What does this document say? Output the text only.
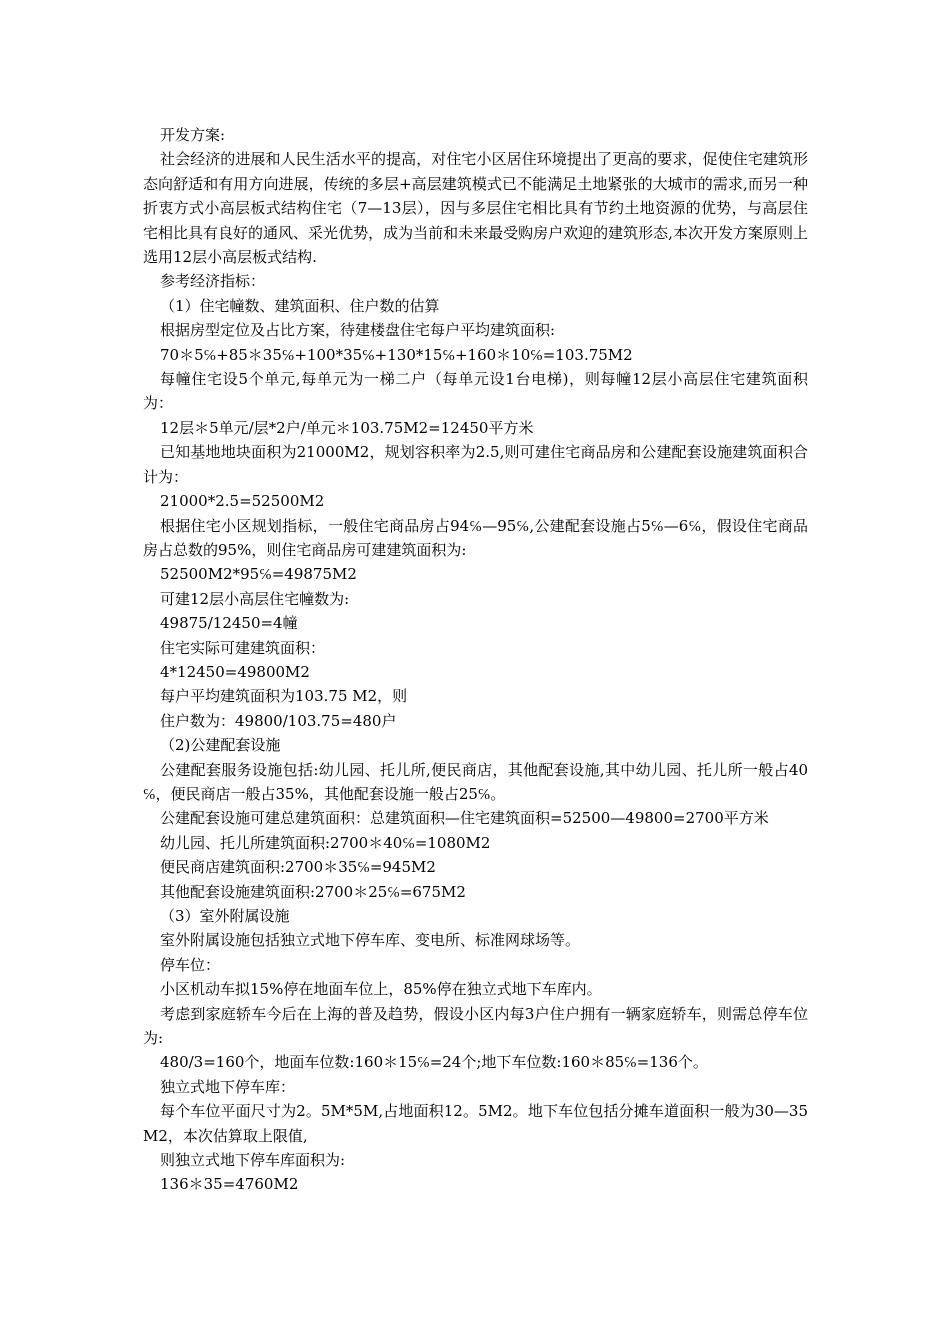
开发方案:

社会经济的进展和人民生活水平的提高，对住宅小区居住环境提出了更高的要求，促使住宅建筑形态向舒适和有用方向进展，传统的多层+高层建筑模式已不能满足土地紧张的大城市的需求,而另一种折衷方式小高层板式结构住宅（7—13层），因与多层住宅相比具有节约土地资源的优势，与高层住宅相比具有良好的通风、采光优势，成为当前和未来最受购房户欢迎的建筑形态,本次开发方案原则上选用12层小高层板式结构.

参考经济指标：

（1）住宅幢数、建筑面积、住户数的估算

根据房型定位及占比方案，待建楼盘住宅每户平均建筑面积:

70＊5℅+85＊35℅+100*35℅+130*15℅+160＊10℅=103.75M2

每幢住宅设5个单元,每单元为一梯二户（每单元设1台电梯)，则每幢12层小高层住宅建筑面积为：

12层＊5单元/层*2户/单元＊103.75M2=12450平方米

已知基地地块面积为21000M2，规划容积率为2.5,则可建住宅商品房和公建配套设施建筑面积合计为：

21000*2.5=52500M2

根据住宅小区规划指标，一般住宅商品房占94℅—95℅,公建配套设施占5℅—6℅，假设住宅商品房占总数的95%，则住宅商品房可建建筑面积为:

52500M2*95℅=49875M2

可建12层小高层住宅幢数为:

49875/12450=4幢

住宅实际可建建筑面积：

4*12450=49800M2

每户平均建筑面积为103.75 M2，则

住户数为：49800/103.75=480户

（2)公建配套设施

公建配套服务设施包括:幼儿园、托儿所,便民商店，其他配套设施,其中幼儿园、托儿所一般占40℅，便民商店一般占35%，其他配套设施一般占25℅。

公建配套设施可建总建筑面积：总建筑面积—住宅建筑面积=52500—49800=2700平方米

幼儿园、托儿所建筑面积:2700＊40℅=1080M2

便民商店建筑面积:2700＊35℅=945M2

其他配套设施建筑面积:2700＊25℅=675M2

（3）室外附属设施

室外附属设施包括独立式地下停车库、变电所、标准网球场等。

停车位：

小区机动车拟15%停在地面车位上，85%停在独立式地下车库内。

考虑到家庭轿车今后在上海的普及趋势，假设小区内每3户住户拥有一辆家庭轿车，则需总停车位为:

480/3=160个，地面车位数:160＊15℅=24个;地下车位数:160＊85℅=136个。

独立式地下停车库：

每个车位平面尺寸为2。5M*5M,占地面积12。5M2。地下车位包括分摊车道面积一般为30—35M2，本次估算取上限值,

则独立式地下停车库面积为:

136＊35=4760M2
